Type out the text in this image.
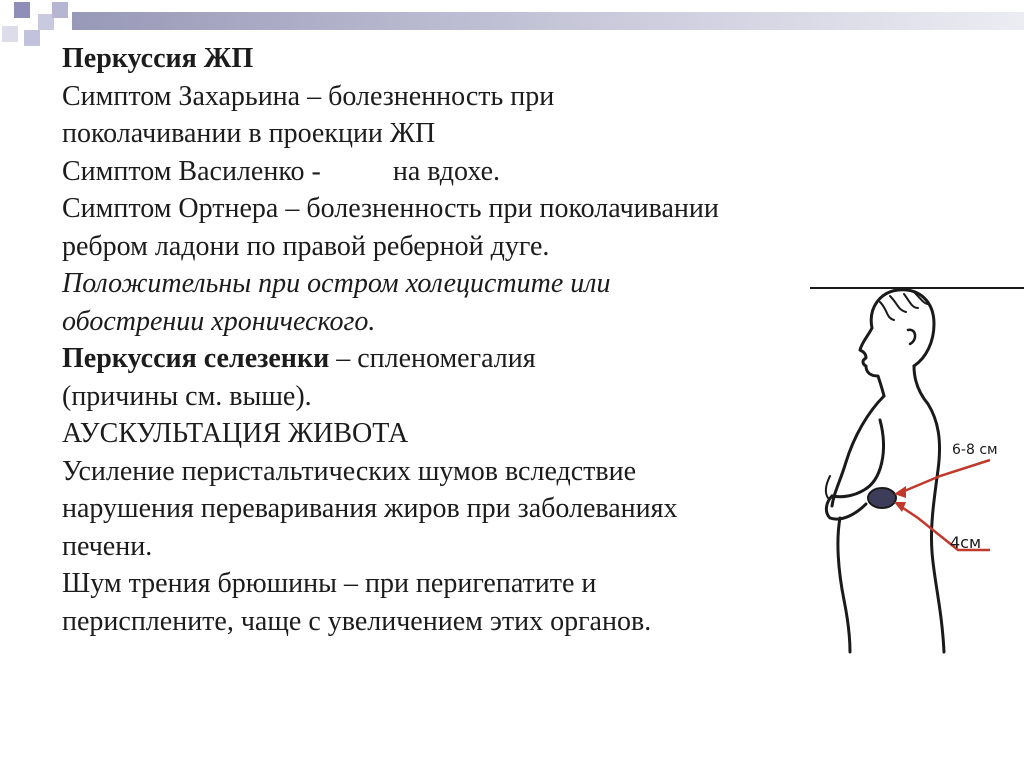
Перкуссия ЖП
Симптом Захарьина – болезненность при
поколачивании в проекции ЖП
Симптом Василенко -	на вдохе.
Симптом Ортнера – болезненность при поколачивании
ребром ладони по правой реберной дуге.
Положительны при остром холецистите или
обострении хронического.
Перкуссия селезенки – спленомегалия
(причины см. выше).
АУСКУЛЬТАЦИЯ ЖИВОТА
Усиление перистальтических шумов вследствие
нарушения переваривания жиров при заболеваниях
печени.
Шум трения брюшины – при перигепатите и
перисплените, чаще с увеличением этих органов.
6-8 см
4см
